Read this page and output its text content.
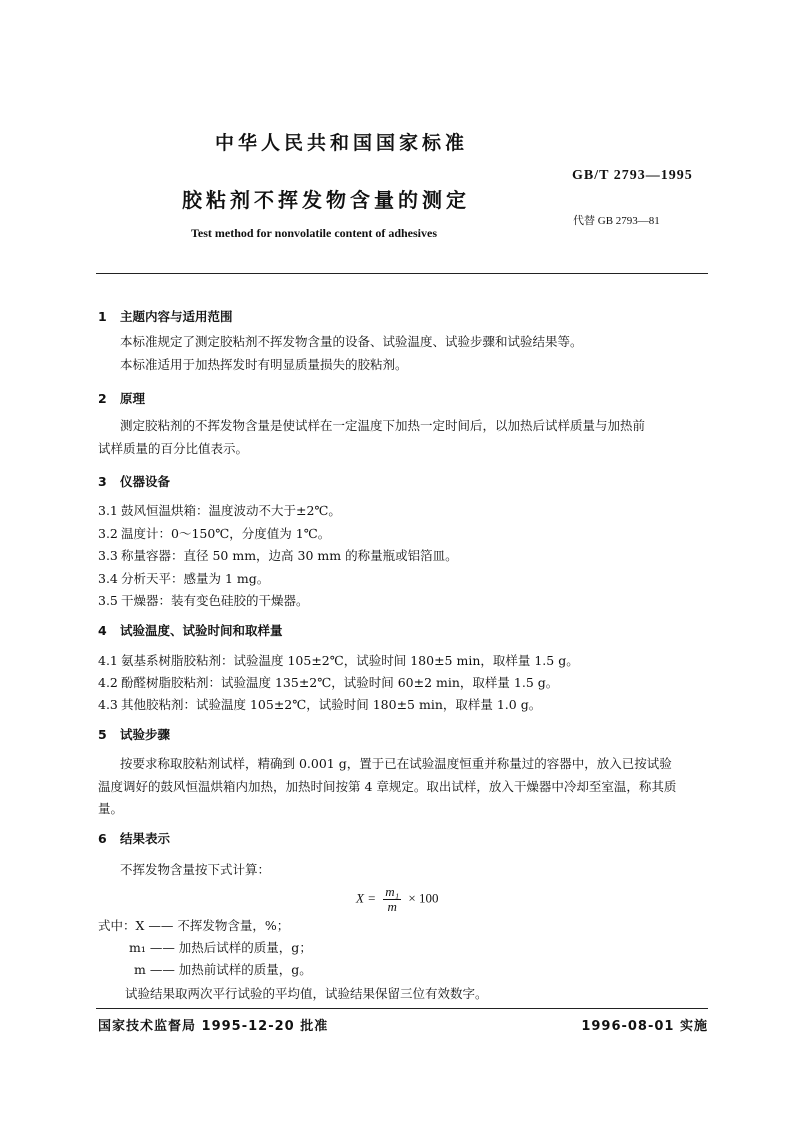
中华人民共和国国家标准
GB/T 2793—1995
胶粘剂不挥发物含量的测定
代替 GB 2793—81
Test method for nonvolatile content of adhesives
1 主题内容与适用范围
本标准规定了测定胶粘剂不挥发物含量的设备、试验温度、试验步骤和试验结果等。
本标准适用于加热挥发时有明显质量损失的胶粘剂。
2 原理
测定胶粘剂的不挥发物含量是使试样在一定温度下加热一定时间后，以加热后试样质量与加热前
试样质量的百分比值表示。
3 仪器设备
3.1 鼓风恒温烘箱：温度波动不大于±2℃。
3.2 温度计：0～150℃，分度值为 1℃。
3.3 称量容器：直径 50 mm，边高 30 mm 的称量瓶或铝箔皿。
3.4 分析天平：感量为 1 mg。
3.5 干燥器：装有变色硅胶的干燥器。
4 试验温度、试验时间和取样量
4.1 氨基系树脂胶粘剂：试验温度 105±2℃，试验时间 180±5 min，取样量 1.5 g。
4.2 酚醛树脂胶粘剂：试验温度 135±2℃，试验时间 60±2 min，取样量 1.5 g。
4.3 其他胶粘剂：试验温度 105±2℃，试验时间 180±5 min，取样量 1.0 g。
5 试验步骤
按要求称取胶粘剂试样，精确到 0.001 g，置于已在试验温度恒重并称量过的容器中，放入已按试验
温度调好的鼓风恒温烘箱内加热，加热时间按第 4 章规定。取出试样，放入干燥器中冷却至室温，称其质
量。
6 结果表示
不挥发物含量按下式计算：
$X = \frac{\text{m₁}}{m} \times 100$
式中：X —— 不挥发物含量，%；
m₁ —— 加热后试样的质量，g；
m —— 加热前试样的质量，g。
试验结果取两次平行试验的平均值，试验结果保留三位有效数字。
国家技术监督局 1995-12-20 批准	1996-08-01 实施
